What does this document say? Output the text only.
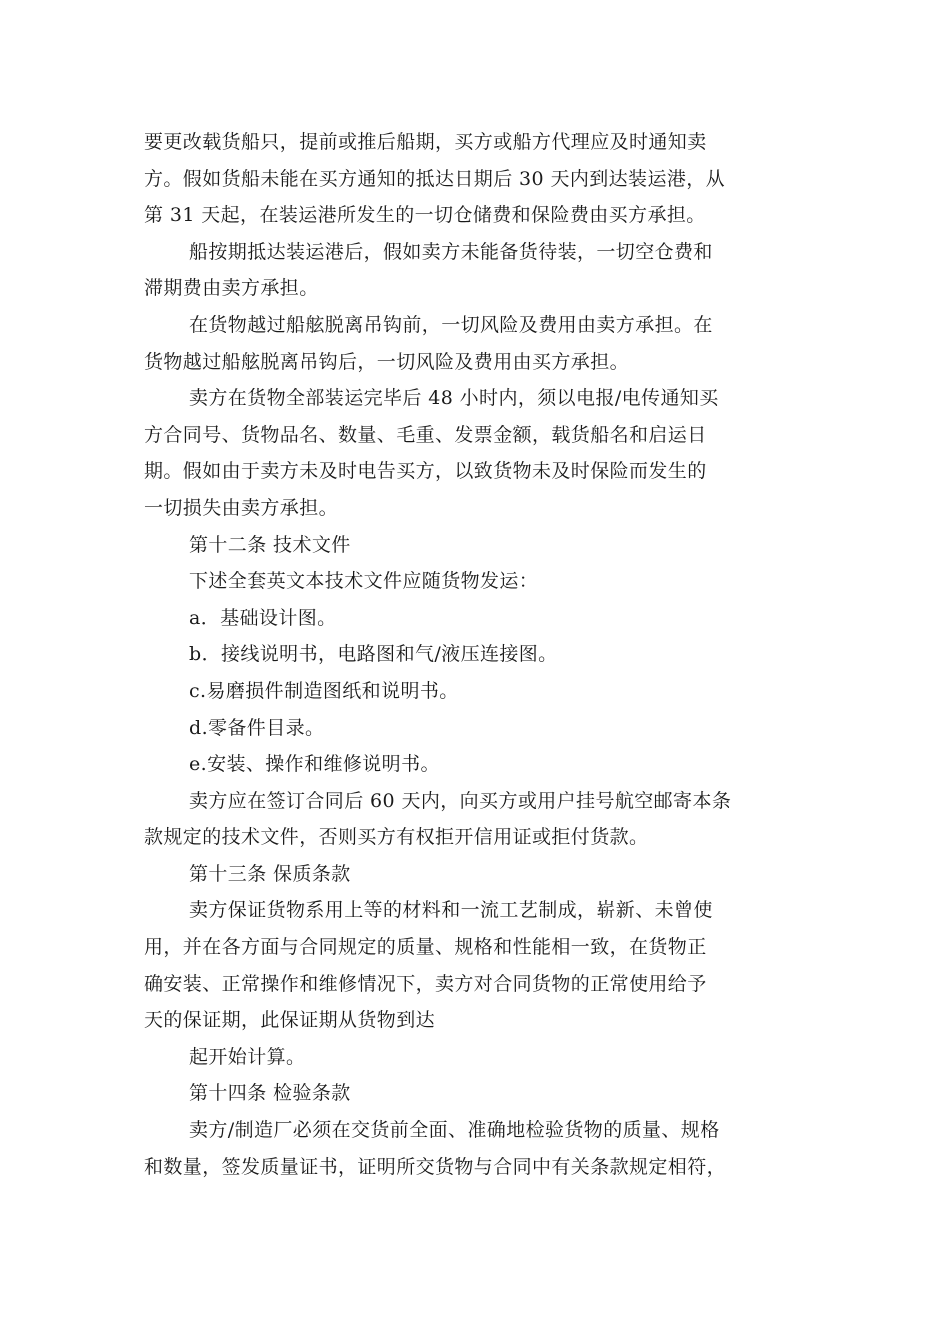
要更改载货船只，提前或推后船期，买方或船方代理应及时通知卖
方。假如货船未能在买方通知的抵达日期后 30 天内到达装运港，从
第 31 天起，在装运港所发生的一切仓储费和保险费由买方承担。
船按期抵达装运港后，假如卖方未能备货待装，一切空仓费和
滞期费由卖方承担。
在货物越过船舷脱离吊钩前，一切风险及费用由卖方承担。在
货物越过船舷脱离吊钩后，一切风险及费用由买方承担。
卖方在货物全部装运完毕后 48 小时内，须以电报/电传通知买
方合同号、货物品名、数量、毛重、发票金额，载货船名和启运日
期。假如由于卖方未及时电告买方，以致货物未及时保险而发生的
一切损失由卖方承担。
第十二条 技术文件
下述全套英文本技术文件应随货物发运：
a．基础设计图。
b．接线说明书，电路图和气/液压连接图。
c.易磨损件制造图纸和说明书。
d.零备件目录。
e.安装、操作和维修说明书。
卖方应在签订合同后 60 天内，向买方或用户挂号航空邮寄本条
款规定的技术文件，否则买方有权拒开信用证或拒付货款。
第十三条 保质条款
卖方保证货物系用上等的材料和一流工艺制成，崭新、未曾使
用，并在各方面与合同规定的质量、规格和性能相一致，在货物正
确安装、正常操作和维修情况下，卖方对合同货物的正常使用给予
天的保证期，此保证期从货物到达
起开始计算。
第十四条 检验条款
卖方/制造厂必须在交货前全面、准确地检验货物的质量、规格
和数量，签发质量证书，证明所交货物与合同中有关条款规定相符，
